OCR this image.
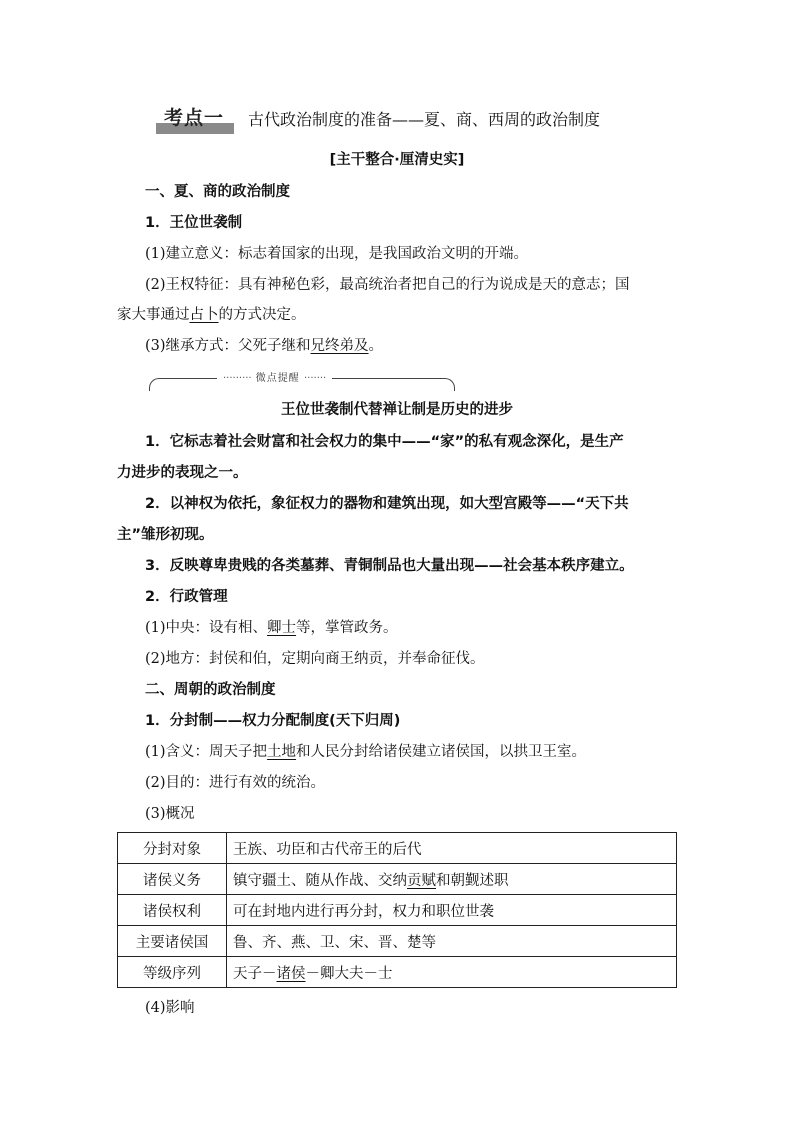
考点一	古代政治制度的准备——夏、商、西周的政治制度
[主干整合·厘清史实]
一、夏、商的政治制度
1．王位世袭制
(1)建立意义：标志着国家的出现，是我国政治文明的开端。
(2)王权特征：具有神秘色彩，最高统治者把自己的行为说成是天的意志；国
家大事通过占卜的方式决定。
(3)继承方式：父死子继和兄终弟及。
········· 微点提醒 ·······
王位世袭制代替禅让制是历史的进步
1．它标志着社会财富和社会权力的集中——“家”的私有观念深化，是生产
力进步的表现之一。
2．以神权为依托，象征权力的器物和建筑出现，如大型宫殿等——“天下共
主”雏形初现。
3．反映尊卑贵贱的各类墓葬、青铜制品也大量出现——社会基本秩序建立。
2．行政管理
(1)中央：设有相、卿士等，掌管政务。
(2)地方：封侯和伯，定期向商王纳贡，并奉命征伐。
二、周朝的政治制度
1．分封制——权力分配制度(天下归周)
(1)含义：周天子把土地和人民分封给诸侯建立诸侯国，以拱卫王室。
(2)目的：进行有效的统治。
(3)概况
分封对象	王族、功臣和古代帝王的后代
诸侯义务	镇守疆土、随从作战、交纳贡赋和朝觐述职
诸侯权利	可在封地内进行再分封，权力和职位世袭
主要诸侯国	鲁、齐、燕、卫、宋、晋、楚等
等级序列	天子－诸侯－卿大夫－士
(4)影响
